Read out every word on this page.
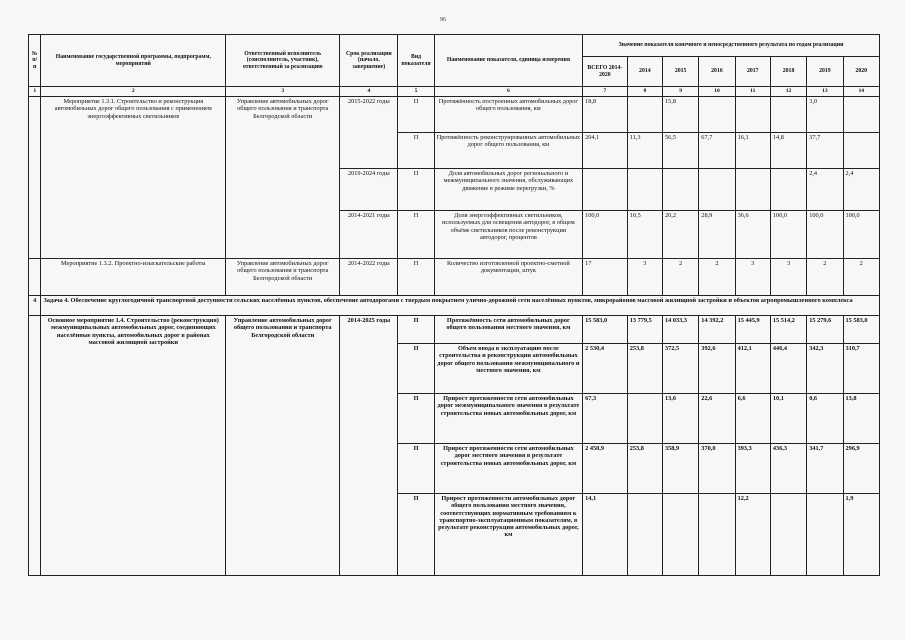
96
№ п/п	Наименование государственной программы, подпрограмм, мероприятий	Ответственный исполнитель (соисполнитель, участник), ответственный за реализацию	Срок реализации (начало, завершение)	Вид показателя	Наименование показателя, единица измерения	Значение показателя конечного и непосредственного результата по годам реализации							
						ВСЕГО 2014-2020	2014	2015	2016	2017	2018	2019	2020
1	2	3	4	5	6	7	8	9	10	11	12	13	14
	Мероприятие 1.3.1. Строительство и реконструкция автомобильных дорог общего пользования с применением энергоэффективных светильников	Управление автомобильных дорог общего пользования и транспорта Белгородской области	2015-2022 годы	П	Протяжённость построенных автомобильных дорог общего пользования, км	18,8		15,8				3,0	
				П	Протяжённость реконструированных автомобильных дорог общего пользования, км	204,1	11,3	56,5	67,7	16,1	14,8	37,7	
			2019-2024 годы	П	Доля автомобильных дорог регионального и межмуниципального значения, обслуживающих движение в режиме перегрузки, %							2,4	2,4
			2014-2021 годы	П	Доля энергоэффективных светильников, используемых для освещения автодорог, в общем объёме светильников после реконструкции автодорог, процентов	100,0	10,5	20,2	28,9	36,6	100,0	100,0	100,0
	Мероприятие 1.3.2. Проектно-изыскательские работы	Управление автомобильных дорог общего пользования и транспорта Белгородской области	2014-2022 годы	П	Количество изготовленной проектно-сметной документации, штук	17	3	2	2	3	3	2	2
4	Задача 4. Обеспечение круглогодичной транспортной доступности сельских населённых пунктов, обеспечение автодорогами с твердым покрытием улично-дорожной сети населённых пунктов, микрорайонов массовой жилищной застройки и объектов агропромышленного комплекса												
	Основное мероприятие 1.4. Строительство (реконструкция) межмуниципальных автомобильных дорог, соединяющих населённые пункты, автомобильных дорог в районах массовой жилищной застройки	Управление автомобильных дорог общего пользования и транспорта Белгородской области	2014-2025 годы	П	Протяжённость сети автомобильных дорог общего пользования местного значения, км	15 583,0	13 779,5	14 033,3	14 392,2	15 445,9	15 514,2	15 279,6	15 583,0
				П	Объем ввода в эксплуатацию после строительства и реконструкции автомобильных дорог общего пользования межмуниципального и местного значения, км	2 530,4	253,8	372,5	392,6	412,1	446,4	342,3	310,7
				П	Прирост протяженности сети автомобильных дорог межмуниципального значения в результате строительства новых автомобильных дорог, км	67,3		13,6	22,6	6,6	10,1	0,6	13,8
				П	Прирост протяженности сети автомобильных дорог местного значения в результате строительства новых автомобильных дорог, км	2 450,9	253,8	358,9	370,0	393,3	436,3	341,7	296,9
				П	Прирост протяженности автомобильных дорог общего пользования местного значения, соответствующих нормативным требованиям к транспортно-эксплуатационным показателям, в результате реконструкции автомобильных дорог, км	14,1				12,2			1,9
